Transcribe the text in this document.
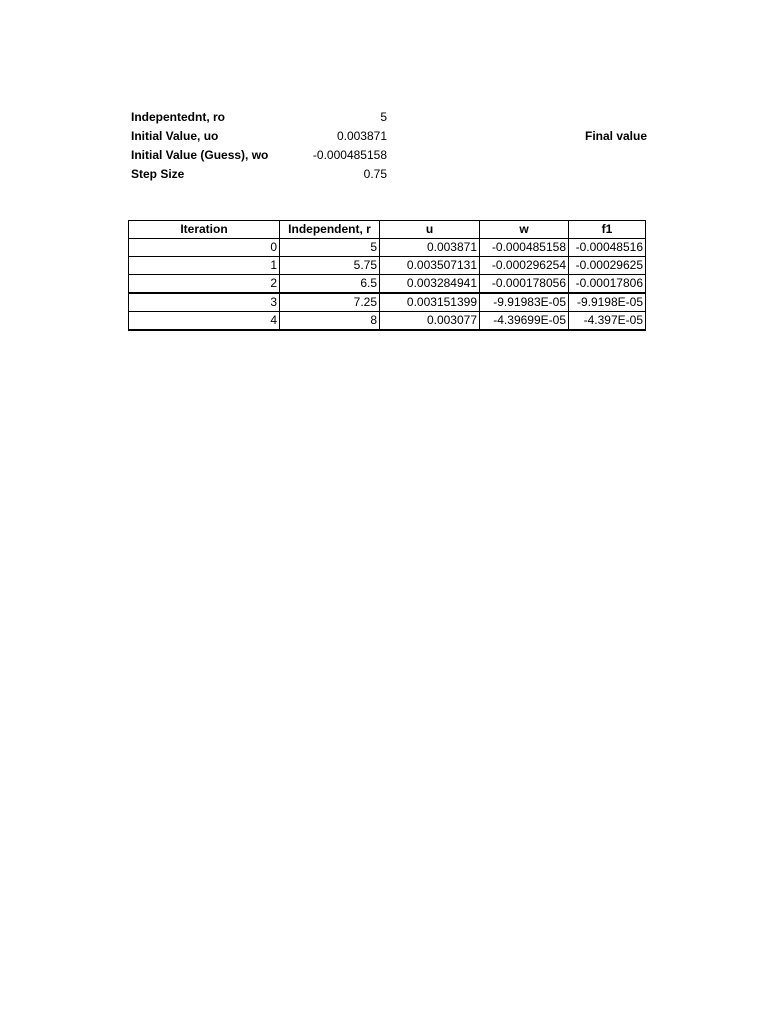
Indepentednt, ro	5
Initial Value, uo	0.003871
Initial Value (Guess), wo	-0.000485158
Step Size	0.75
Final value
Iteration	Independent, r	u	w	f1
0	5	0.003871	-0.000485158	-0.00048516
1	5.75	0.003507131	-0.000296254	-0.00029625
2	6.5	0.003284941	-0.000178056	-0.00017806
3	7.25	0.003151399	-9.91983E-05	-9.9198E-05
4	8	0.003077	-4.39699E-05	-4.397E-05
